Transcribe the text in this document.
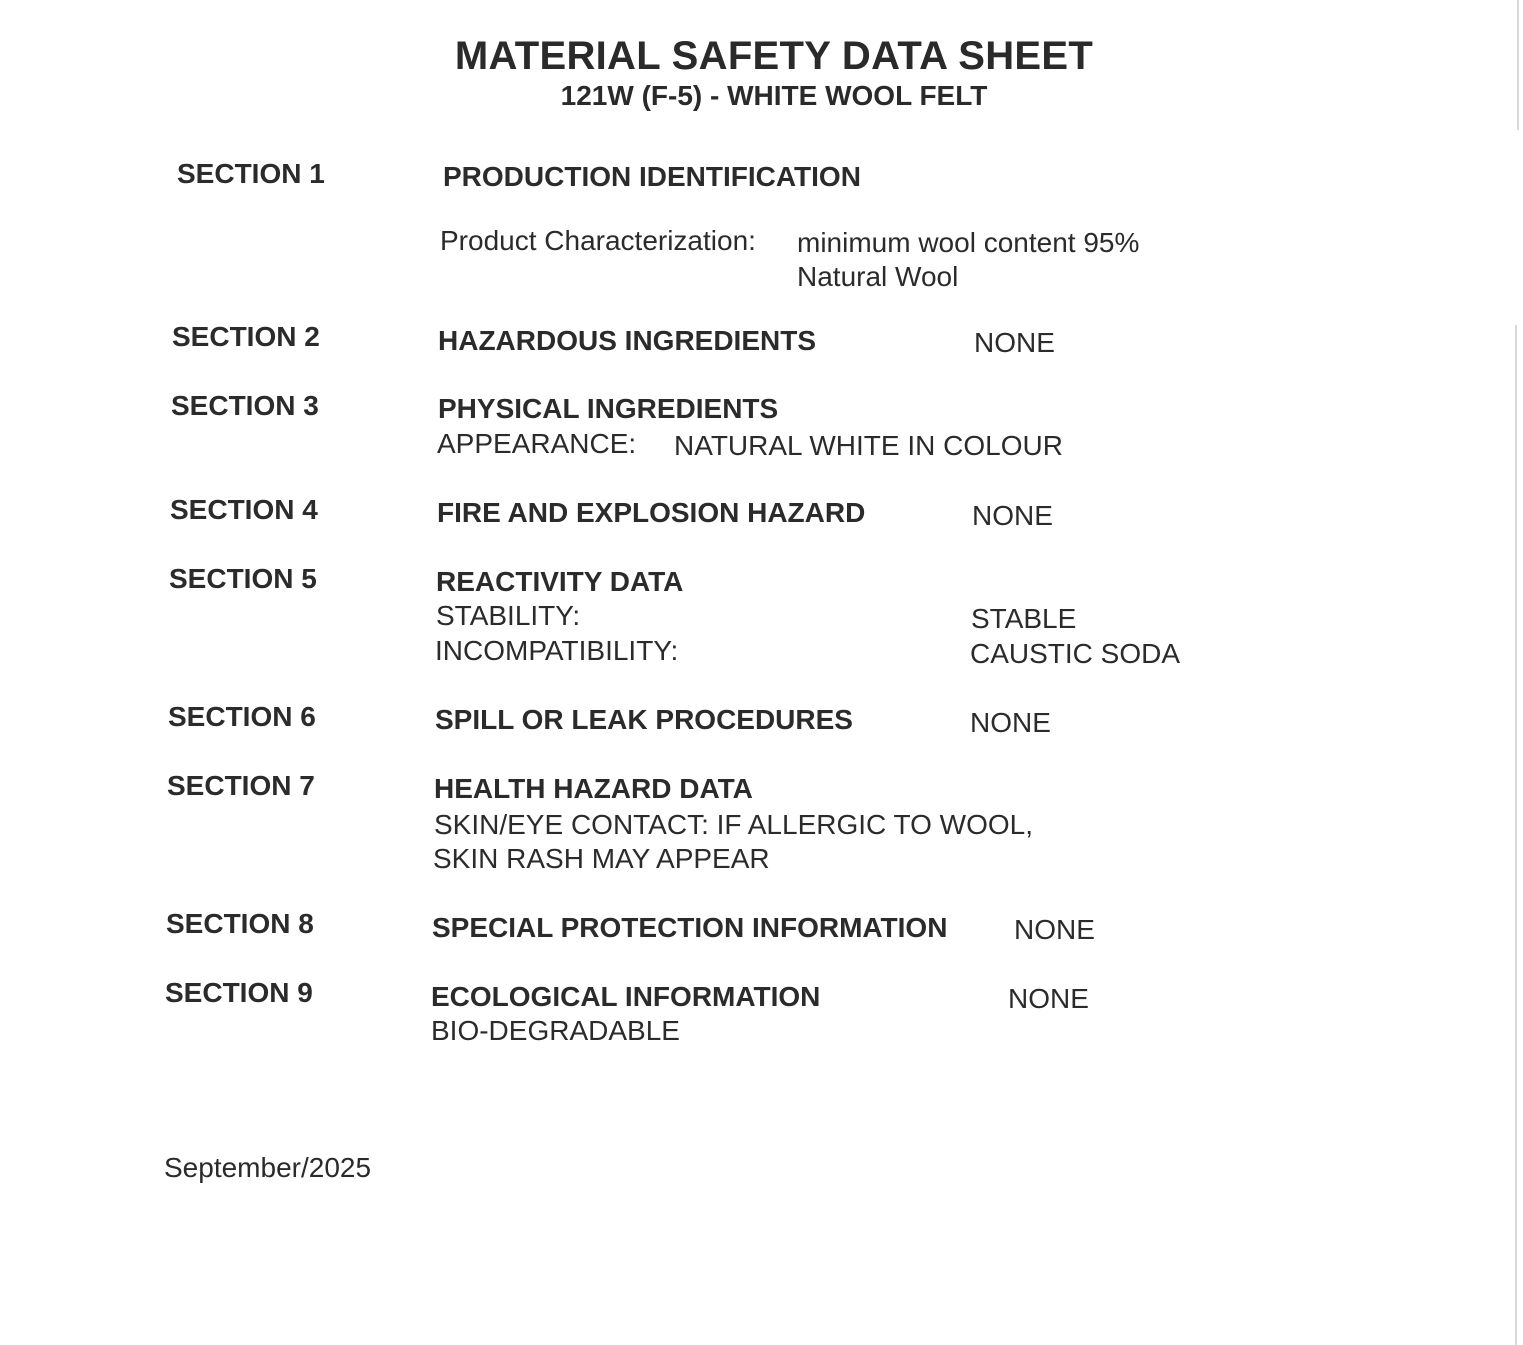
MATERIAL SAFETY DATA SHEET
121W (F-5) - WHITE WOOL FELT
SECTION 1	PRODUCTION IDENTIFICATION
Product Characterization: minimum wool content 95%
Natural Wool
SECTION 2	HAZARDOUS INGREDIENTS	NONE
SECTION 3	PHYSICAL INGREDIENTS
APPEARANCE: NATURAL WHITE IN COLOUR
SECTION 4	FIRE AND EXPLOSION HAZARD	NONE
SECTION 5	REACTIVITY DATA
STABILITY:	STABLE
INCOMPATIBILITY:	CAUSTIC SODA
SECTION 6	SPILL OR LEAK PROCEDURES	NONE
SECTION 7	HEALTH HAZARD DATA
SKIN/EYE CONTACT: IF ALLERGIC TO WOOL,
SKIN RASH MAY APPEAR
SECTION 8	SPECIAL PROTECTION INFORMATION NONE
SECTION 9	ECOLOGICAL INFORMATION	NONE
BIO-DEGRADABLE
September/2025
